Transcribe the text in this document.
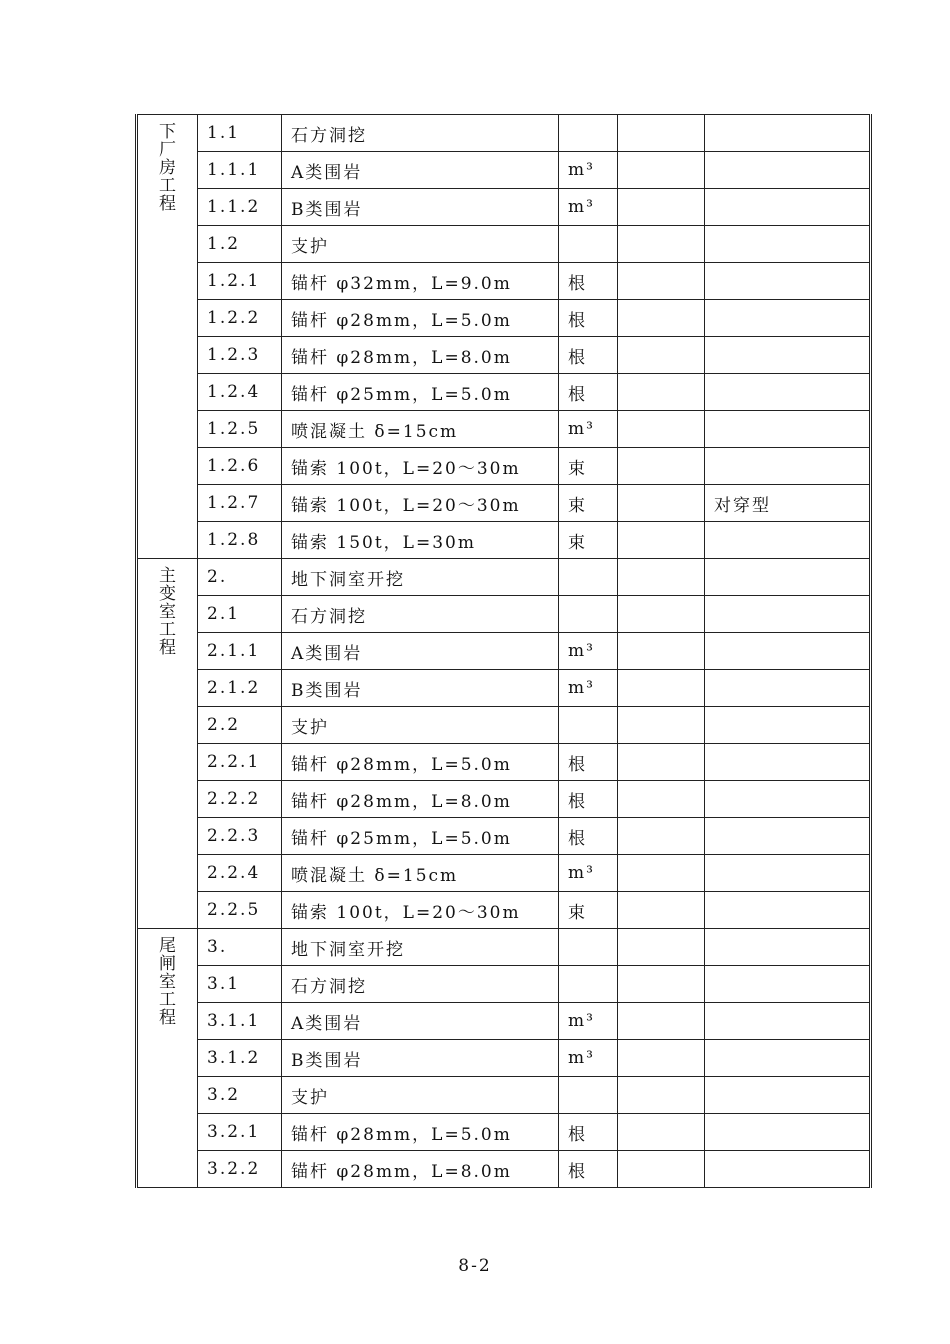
下
厂
房
工
程	1.1	石方洞挖			
	1.1.1	A类围岩	m³		
	1.1.2	B类围岩	m³		
	1.2	支护			
	1.2.1	锚杆 φ32mm，L=9.0m	根		
	1.2.2	锚杆 φ28mm，L=5.0m	根		
	1.2.3	锚杆 φ28mm，L=8.0m	根		
	1.2.4	锚杆 φ25mm，L=5.0m	根		
	1.2.5	喷混凝土 δ=15cm	m³		
	1.2.6	锚索 100t，L=20～30m	束		
	1.2.7	锚索 100t，L=20～30m	束		对穿型
	1.2.8	锚索 150t，L=30m	束		

主
变
室
工
程	2.	地下洞室开挖			
	2.1	石方洞挖			
	2.1.1	A类围岩	m³		
	2.1.2	B类围岩	m³		
	2.2	支护			
	2.2.1	锚杆 φ28mm，L=5.0m	根		
	2.2.2	锚杆 φ28mm，L=8.0m	根		
	2.2.3	锚杆 φ25mm，L=5.0m	根		
	2.2.4	喷混凝土 δ=15cm	m³		
	2.2.5	锚索 100t，L=20～30m	束		

尾
闸
室
工
程	3.	地下洞室开挖			
	3.1	石方洞挖			
	3.1.1	A类围岩	m³		
	3.1.2	B类围岩	m³		
	3.2	支护			
	3.2.1	锚杆 φ28mm，L=5.0m	根		
	3.2.2	锚杆 φ28mm，L=8.0m	根		
8-2
